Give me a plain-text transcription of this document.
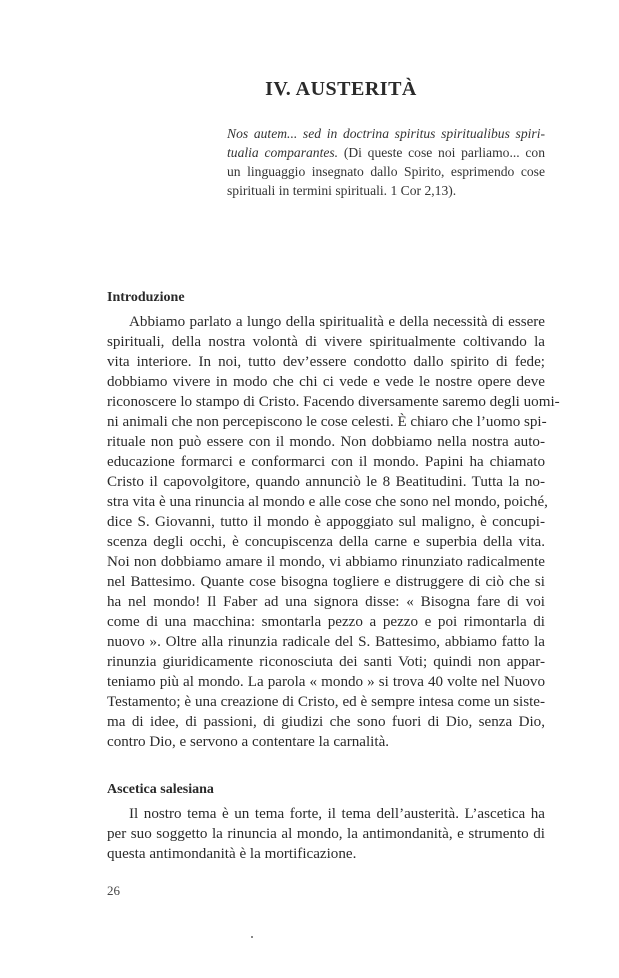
IV. AUSTERITÀ
Nos autem... sed in doctrina spiritus spiritualibus spiri-
tualia comparantes. (Di queste cose noi parliamo... con
un linguaggio insegnato dallo Spirito, esprimendo cose
spirituali in termini spirituali. 1 Cor 2,13).
Introduzione
Abbiamo parlato a lungo della spiritualità e della necessità di essere
spirituali, della nostra volontà di vivere spiritualmente coltivando la
vita interiore. In noi, tutto dev’essere condotto dallo spirito di fede;
dobbiamo vivere in modo che chi ci vede e vede le nostre opere deve
riconoscere lo stampo di Cristo. Facendo diversamente saremo degli uomi-
ni animali che non percepiscono le cose celesti. È chiaro che l’uomo spi-
rituale non può essere con il mondo. Non dobbiamo nella nostra auto-
educazione formarci e conformarci con il mondo. Papini ha chiamato
Cristo il capovolgitore, quando annunciò le 8 Beatitudini. Tutta la no-
stra vita è una rinuncia al mondo e alle cose che sono nel mondo, poiché,
dice S. Giovanni, tutto il mondo è appoggiato sul maligno, è concupi-
scenza degli occhi, è concupiscenza della carne e superbia della vita.
Noi non dobbiamo amare il mondo, vi abbiamo rinunziato radicalmente
nel Battesimo. Quante cose bisogna togliere e distruggere di ciò che si
ha nel mondo! Il Faber ad una signora disse: « Bisogna fare di voi
come di una macchina: smontarla pezzo a pezzo e poi rimontarla di
nuovo ». Oltre alla rinunzia radicale del S. Battesimo, abbiamo fatto la
rinunzia giuridicamente riconosciuta dei santi Voti; quindi non appar-
teniamo più al mondo. La parola « mondo » si trova 40 volte nel Nuovo
Testamento; è una creazione di Cristo, ed è sempre intesa come un siste-
ma di idee, di passioni, di giudizi che sono fuori di Dio, senza Dio,
contro Dio, e servono a contentare la carnalità.
Ascetica salesiana
Il nostro tema è un tema forte, il tema dell’austerità. L’ascetica ha
per suo soggetto la rinuncia al mondo, la antimondanità, e strumento di
questa antimondanità è la mortificazione.
26
